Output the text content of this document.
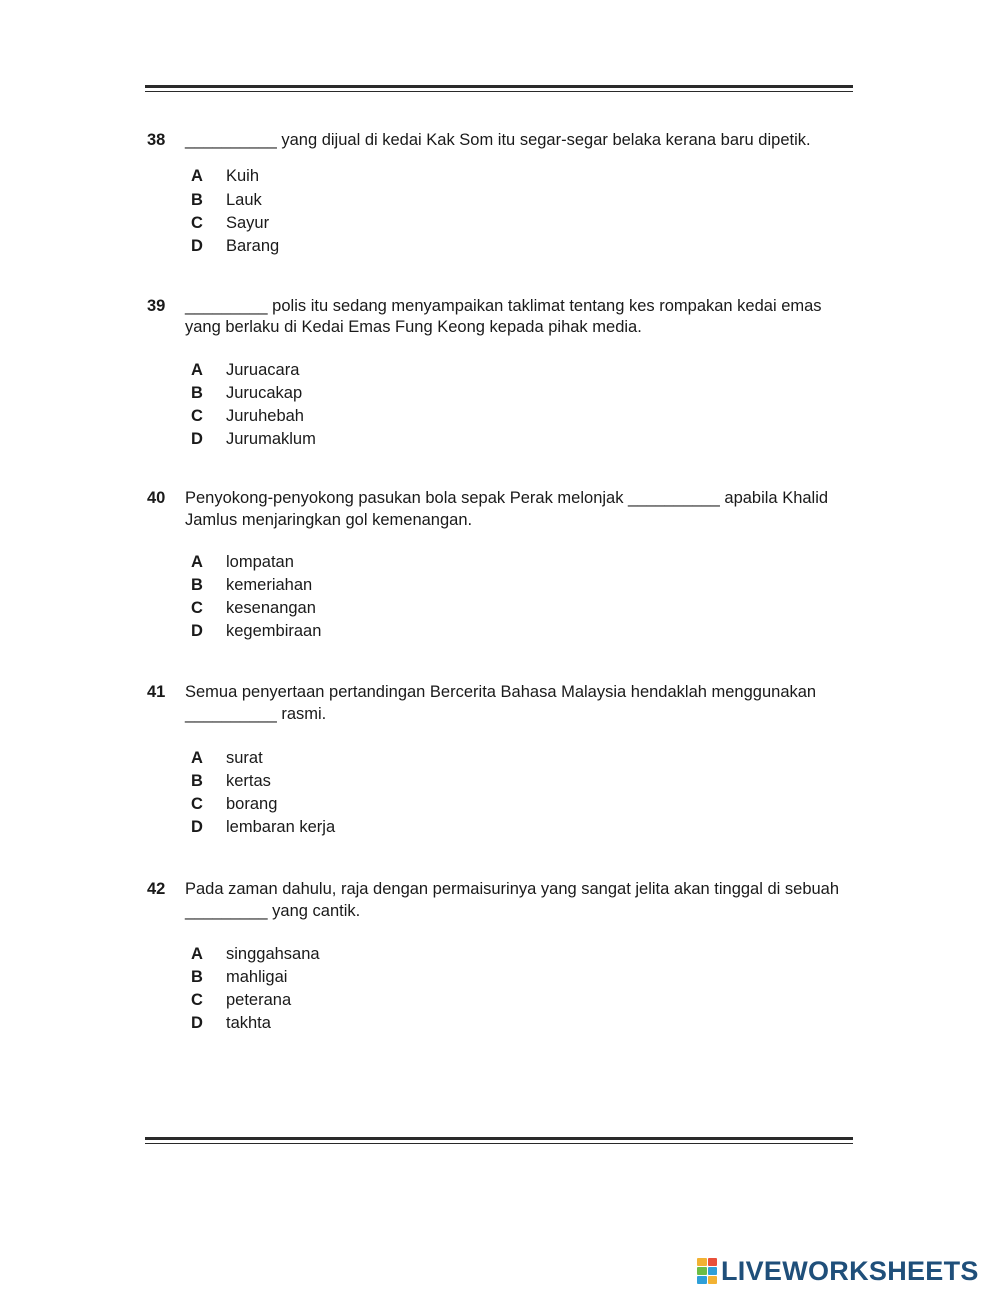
38 __________ yang dijual di kedai Kak Som itu segar-segar belaka kerana baru dipetik.
A Kuih
B Lauk
C Sayur
D Barang
39 _________ polis itu sedang menyampaikan taklimat tentang kes rompakan kedai emas
yang berlaku di Kedai Emas Fung Keong kepada pihak media.
A Juruacara
B Jurucakap
C Juruhebah
D Jurumaklum
40 Penyokong-penyokong pasukan bola sepak Perak melonjak __________ apabila Khalid
Jamlus menjaringkan gol kemenangan.
A lompatan
B kemeriahan
C kesenangan
D kegembiraan
41 Semua penyertaan pertandingan Bercerita Bahasa Malaysia hendaklah menggunakan
__________ rasmi.
A surat
B kertas
C borang
D lembaran kerja
42 Pada zaman dahulu, raja dengan permaisurinya yang sangat jelita akan tinggal di sebuah
_________ yang cantik.
A singgahsana
B mahligai
C peterana
D takhta
LIVEWORKSHEETS
